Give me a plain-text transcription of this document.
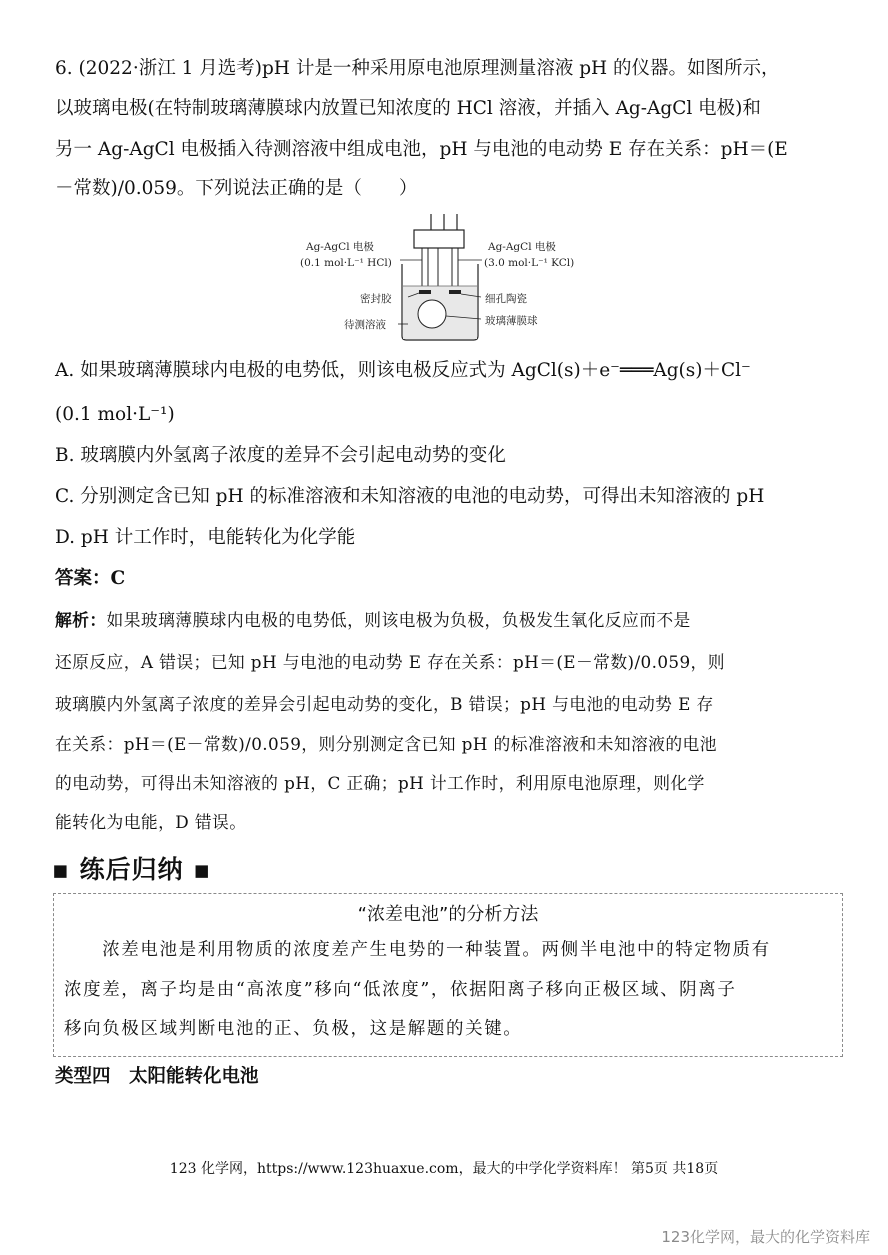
6. (2022·浙江 1 月选考)pH 计是一种采用原电池原理测量溶液 pH 的仪器。如图所示，
以玻璃电极(在特制玻璃薄膜球内放置已知浓度的 HCl 溶液，并插入 Ag-AgCl 电极)和
另一 Ag-AgCl 电极插入待测溶液中组成电池，pH 与电池的电动势 E 存在关系：pH＝(E
－常数)/0.059。下列说法正确的是（　　）
Ag-AgCl 电极
(0.1 mol·L⁻¹ HCl)
Ag-AgCl 电极
(3.0 mol·L⁻¹ KCl)
密封胶
待测溶液
细孔陶瓷
玻璃薄膜球
A. 如果玻璃薄膜球内电极的电势低，则该电极反应式为 AgCl(s)＋e⁻═══Ag(s)＋Cl⁻
(0.1 mol·L⁻¹)
B. 玻璃膜内外氢离子浓度的差异不会引起电动势的变化
C. 分别测定含已知 pH 的标准溶液和未知溶液的电池的电动势，可得出未知溶液的 pH
D. pH 计工作时，电能转化为化学能
答案：C
解析：如果玻璃薄膜球内电极的电势低，则该电极为负极，负极发生氧化反应而不是
还原反应，A 错误；已知 pH 与电池的电动势 E 存在关系：pH＝(E－常数)/0.059，则
玻璃膜内外氢离子浓度的差异会引起电动势的变化，B 错误；pH 与电池的电动势 E 存
在关系：pH＝(E－常数)/0.059，则分别测定含已知 pH 的标准溶液和未知溶液的电池
的电动势，可得出未知溶液的 pH，C 正确；pH 计工作时，利用原电池原理，则化学
能转化为电能，D 错误。
▪ 练后归纳 ▪
“浓差电池”的分析方法
　　浓差电池是利用物质的浓度差产生电势的一种装置。两侧半电池中的特定物质有
浓度差，离子均是由“高浓度”移向“低浓度”，依据阳离子移向正极区域、阴离子
移向负极区域判断电池的正、负极，这是解题的关键。
类型四　太阳能转化电池
123 化学网，https://www.123huaxue.com，最大的中学化学资料库！ 第5页 共18页
123化学网，最大的化学资料库
